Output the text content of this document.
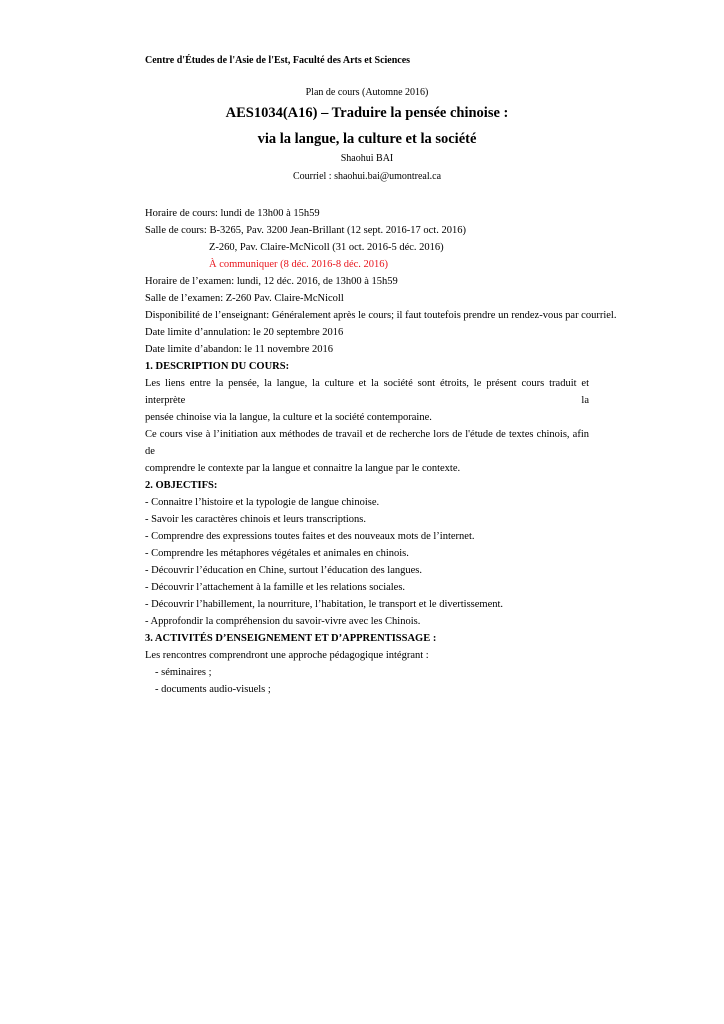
Centre d'Études de l'Asie de l'Est, Faculté des Arts et Sciences
Plan de cours (Automne 2016)
AES1034(A16) – Traduire la pensée chinoise :
via la langue, la culture et la société
Shaohui BAI
Courriel : shaohui.bai@umontreal.ca
Horaire de cours: lundi de 13h00 à 15h59
Salle de cours: B-3265, Pav. 3200 Jean-Brillant (12 sept. 2016-17 oct. 2016)
Z-260, Pav. Claire-McNicoll (31 oct. 2016-5 déc. 2016)
À communiquer (8 déc. 2016-8 déc. 2016)
Horaire de l’examen: lundi, 12 déc. 2016, de 13h00 à 15h59
Salle de l’examen: Z-260 Pav. Claire-McNicoll
Disponibilité de l’enseignant: Généralement après le cours; il faut toutefois prendre un rendez-vous par courriel.
Date limite d’annulation: le 20 septembre 2016
Date limite d’abandon: le 11 novembre 2016
1. DESCRIPTION DU COURS:
Les liens entre la pensée, la langue, la culture et la société sont étroits, le présent cours traduit et interprète la
pensée chinoise via la langue, la culture et la société contemporaine.
Ce cours vise à l’initiation aux méthodes de travail et de recherche lors de l'étude de textes chinois, afin de
comprendre le contexte par la langue et connaitre la langue par le contexte.
2. OBJECTIFS:
- Connaitre l’histoire et la typologie de langue chinoise.
- Savoir les caractères chinois et leurs transcriptions.
- Comprendre des expressions toutes faites et des nouveaux mots de l’internet.
- Comprendre les métaphores végétales et animales en chinois.
- Découvrir l’éducation en Chine, surtout l’éducation des langues.
- Découvrir l’attachement à la famille et les relations sociales.
- Découvrir l’habillement, la nourriture, l’habitation, le transport et le divertissement.
- Approfondir la compréhension du savoir-vivre avec les Chinois.
3. ACTIVITÉS D’ENSEIGNEMENT ET D’APPRENTISSAGE :
Les rencontres comprendront une approche pédagogique intégrant :
- séminaires ;
- documents audio-visuels ;
